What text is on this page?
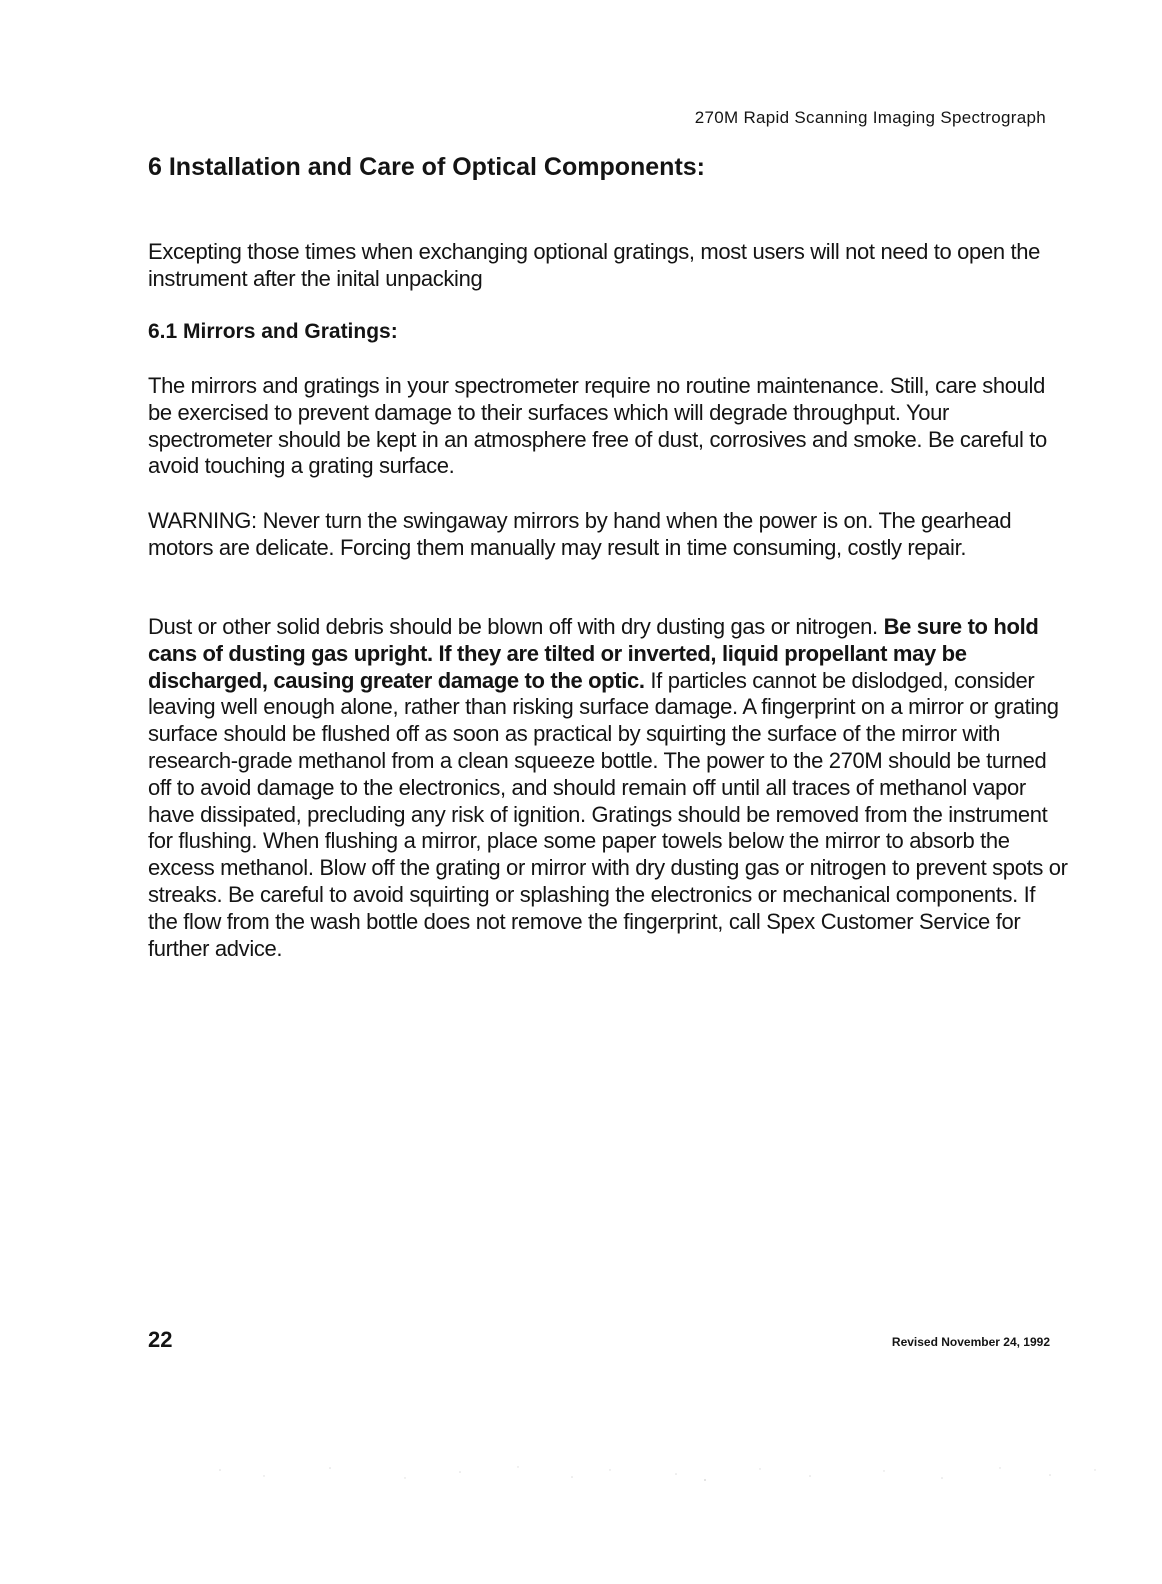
270M Rapid Scanning Imaging Spectrograph
6 Installation and Care of Optical Components:

Excepting those times when exchanging optional gratings, most users will not need to open the instrument after the inital unpacking

6.1 Mirrors and Gratings:

The mirrors and gratings in your spectrometer require no routine maintenance. Still, care should be exercised to prevent damage to their surfaces which will degrade throughput. Your spectrometer should be kept in an atmosphere free of dust, corrosives and smoke. Be careful to avoid touching a grating surface.

WARNING: Never turn the swingaway mirrors by hand when the power is on. The gearhead motors are delicate. Forcing them manually may result in time consuming, costly repair.

Dust or other solid debris should be blown off with dry dusting gas or nitrogen. Be sure to hold cans of dusting gas upright. If they are tilted or inverted, liquid propellant may be discharged, causing greater damage to the optic. If particles cannot be dislodged, consider leaving well enough alone, rather than risking surface damage. A fingerprint on a mirror or grating surface should be flushed off as soon as practical by squirting the surface of the mirror with research-grade methanol from a clean squeeze bottle. The power to the 270M should be turned off to avoid damage to the electronics, and should remain off until all traces of methanol vapor have dissipated, precluding any risk of ignition. Gratings should be removed from the instrument for flushing. When flushing a mirror, place some paper towels below the mirror to absorb the excess methanol. Blow off the grating or mirror with dry dusting gas or nitrogen to prevent spots or streaks. Be careful to avoid squirting or splashing the electronics or mechanical components. If the flow from the wash bottle does not remove the fingerprint, call Spex Customer Service for further advice.

22	Revised November 24, 1992
